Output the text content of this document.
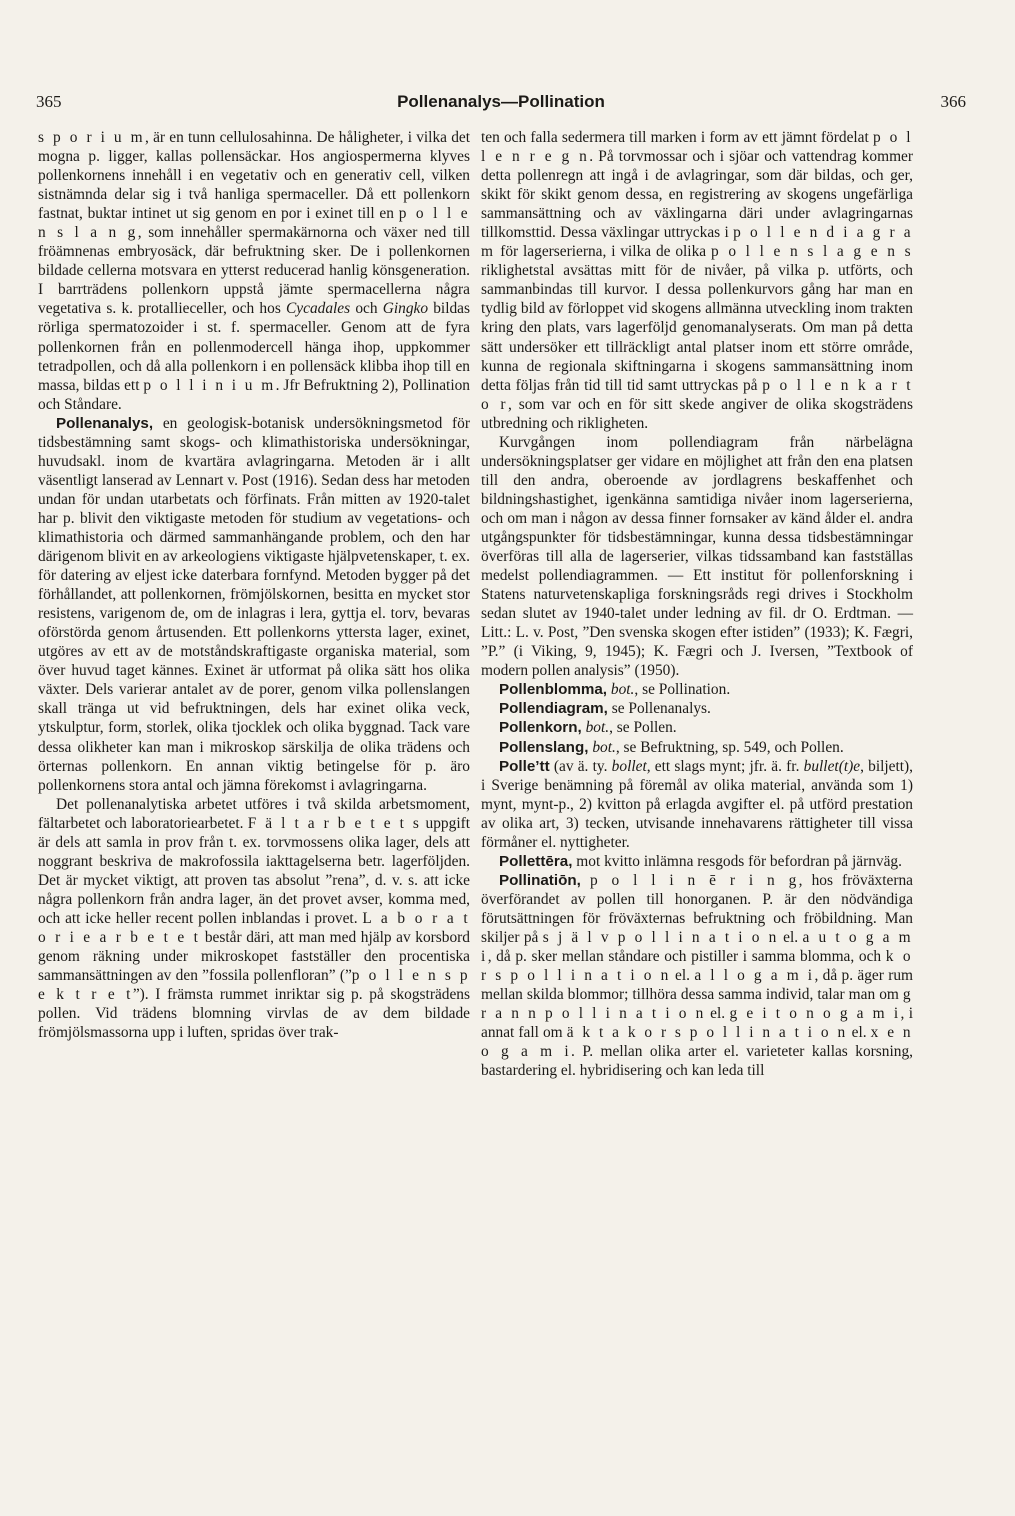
365	Pollenanalys—Pollination	366

s p o r i u m, är en tunn cellulosahinna. De håligheter, i vilka det mogna p. ligger, kallas pollensäckar. Hos angiospermerna klyves pollenkornens innehåll i en vegetativ och en generativ cell, vilken sistnämnda delar sig i två hanliga spermaceller. Då ett pollenkorn fastnat, buktar intinet ut sig genom en por i exinet till en p o l l e n s l a n g, som innehåller spermakärnorna och växer ned till fröämnenas embryosäck, där befruktning sker. De i pollenkornen bildade cellerna motsvara en ytterst reducerad hanlig könsgeneration. I barrträdens pollenkorn uppstå jämte spermacellerna några vegetativa s. k. protallieceller, och hos Cycadales och Gingko bildas rörliga spermatozoider i st. f. spermaceller. Genom att de fyra pollenkornen från en pollenmodercell hänga ihop, uppkommer tetradpollen, och då alla pollenkorn i en pollensäck klibba ihop till en massa, bildas ett p o l l i n i u m. Jfr Befruktning 2), Pollination och Ståndare.

Pollenanalys, en geologisk-botanisk undersökningsmetod för tidsbestämning samt skogs- och klimathistoriska undersökningar, huvudsakl. inom de kvartära avlagringarna. Metoden är i allt väsentligt lanserad av Lennart v. Post (1916). Sedan dess har metoden undan för undan utarbetats och förfinats. Från mitten av 1920-talet har p. blivit den viktigaste metoden för studium av vegetations- och klimathistoria och därmed sammanhängande problem, och den har därigenom blivit en av arkeologiens viktigaste hjälpvetenskaper, t. ex. för datering av eljest icke daterbara fornfynd. Metoden bygger på det förhållandet, att pollenkornen, frömjölskornen, besitta en mycket stor resistens, varigenom de, om de inlagras i lera, gyttja el. torv, bevaras oförstörda genom årtusenden. Ett pollenkorns yttersta lager, exinet, utgöres av ett av de motståndskraftigaste organiska material, som över huvud taget kännes. Exinet är utformat på olika sätt hos olika växter. Dels varierar antalet av de porer, genom vilka pollenslangen skall tränga ut vid befruktningen, dels har exinet olika veck, ytskulptur, form, storlek, olika tjocklek och olika byggnad. Tack vare dessa olikheter kan man i mikroskop särskilja de olika trädens och örternas pollenkorn. En annan viktig betingelse för p. äro pollenkornens stora antal och jämna förekomst i avlagringarna.

Det pollenanalytiska arbetet utföres i två skilda arbetsmoment, fältarbetet och laboratoriearbetet. F ä l t a r b e t e t s uppgift är dels att samla in prov från t. ex. torvmossens olika lager, dels att noggrant beskriva de makrofossila iakttagelserna betr. lagerföljden. Det är mycket viktigt, att proven tas absolut ”rena”, d. v. s. att icke några pollenkorn från andra lager, än det provet avser, komma med, och att icke heller recent pollen inblandas i provet. L a b o r a t o r i e a r b e t e t består däri, att man med hjälp av korsbord genom räkning under mikroskopet fastställer den procentiska sammansättningen av den ”fossila pollenfloran” (”p o l l e n s p e k t r e t”). I främsta rummet inriktar sig p. på skogsträdens pollen. Vid trädens blomning virvlas de av dem bildade frömjölsmassorna upp i luften, spridas över trak-

ten och falla sedermera till marken i form av ett jämnt fördelat p o l l e n r e g n. På torvmossar och i sjöar och vattendrag kommer detta pollenregn att ingå i de avlagringar, som där bildas, och ger, skikt för skikt genom dessa, en registrering av skogens ungefärliga sammansättning och av växlingarna däri under avlagringarnas tillkomsttid. Dessa växlingar uttryckas i p o l l e n d i a g r a m för lagerserierna, i vilka de olika p o l l e n s l a g e n s riklighetstal avsättas mitt för de nivåer, på vilka p. utförts, och sammanbindas till kurvor. I dessa pollenkurvors gång har man en tydlig bild av förloppet vid skogens allmänna utveckling inom trakten kring den plats, vars lagerföljd genomanalyserats. Om man på detta sätt undersöker ett tillräckligt antal platser inom ett större område, kunna de regionala skiftningarna i skogens sammansättning inom detta följas från tid till tid samt uttryckas på p o l l e n k a r t o r, som var och en för sitt skede angiver de olika skogsträdens utbredning och rikligheten.

Kurvgången inom pollendiagram från närbelägna undersökningsplatser ger vidare en möjlighet att från den ena platsen till den andra, oberoende av jordlagrens beskaffenhet och bildningshastighet, igenkänna samtidiga nivåer inom lagerserierna, och om man i någon av dessa finner fornsaker av känd ålder el. andra utgångspunkter för tidsbestämningar, kunna dessa tidsbestämningar överföras till alla de lagerserier, vilkas tidssamband kan fastställas medelst pollendiagrammen. — Ett institut för pollenforskning i Statens naturvetenskapliga forskningsråds regi drives i Stockholm sedan slutet av 1940-talet under ledning av fil. dr O. Erdtman. — Litt.: L. v. Post, ”Den svenska skogen efter istiden” (1933); K. Fægri, ”P.” (i Viking, 9, 1945); K. Fægri och J. Iversen, ”Textbook of modern pollen analysis” (1950).

Pollenblomma, bot., se Pollination.

Pollendiagram, se Pollenanalys.

Pollenkorn, bot., se Pollen.

Pollenslang, bot., se Befruktning, sp. 549, och Pollen.

Polle’tt (av ä. ty. bollet, ett slags mynt; jfr. ä. fr. bullet(t)e, biljett), i Sverige benämning på föremål av olika material, använda som 1) mynt, mynt-p., 2) kvitton på erlagda avgifter el. på utförd prestation av olika art, 3) tecken, utvisande innehavarens rättigheter till vissa förmåner el. nyttigheter.

Pollettēra, mot kvitto inlämna resgods för befordran på järnväg.

Pollinatiōn, p o l l i n ē r i n g, hos fröväxterna överförandet av pollen till honorganen. P. är den nödvändiga förutsättningen för fröväxternas befruktning och fröbildning. Man skiljer på s j ä l v p o l l i n a t i o n el. a u t o g a m i, då p. sker mellan ståndare och pistiller i samma blomma, och k o r s p o l l i n a t i o n el. a l l o g a m i, då p. äger rum mellan skilda blommor; tillhöra dessa samma individ, talar man om g r a n n p o l l i n a t i o n el. g e i t o n o g a m i, i annat fall om ä k t a k o r s p o l l i n a t i o n el. x e n o g a m i. P. mellan olika arter el. varieteter kallas korsning, bastardering el. hybridisering och kan leda till
